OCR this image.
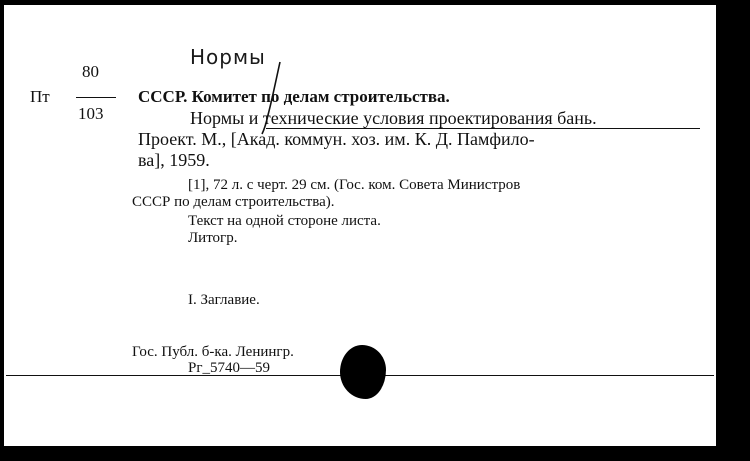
Пт
80
103
Нормы
СССР. Комитет по делам строительства.
Нормы и технические условия проектирования бань.
Проект. М., [Акад. коммун. хоз. им. К. Д. Памфило-
ва], 1959.
[1], 72 л. с черт. 29 см. (Гос. ком. Совета Министров
СССР по делам строительства).
Текст на одной стороне листа.
Литогр.
I. Заглавие.
Гос. Публ. б-ка. Ленингр.
Рг_5740—59
